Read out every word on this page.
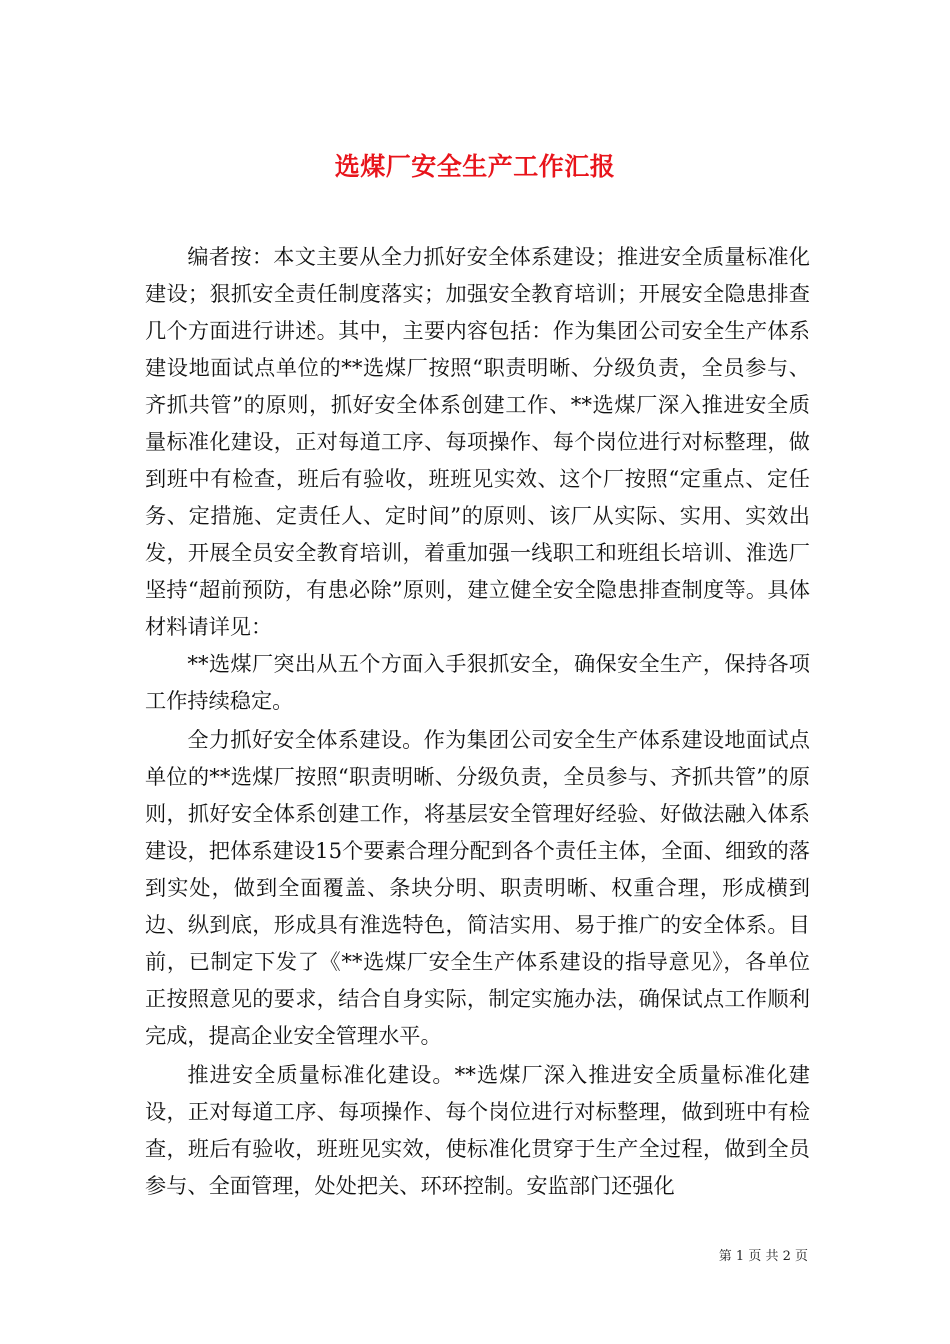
选煤厂安全生产工作汇报

编者按：本文主要从全力抓好安全体系建设；推进安全质量标准化建设；狠抓安全责任制度落实；加强安全教育培训；开展安全隐患排查几个方面进行讲述。其中，主要内容包括：作为集团公司安全生产体系建设地面试点单位的**选煤厂按照“职责明晰、分级负责，全员参与、齐抓共管”的原则，抓好安全体系创建工作、**选煤厂深入推进安全质量标准化建设，正对每道工序、每项操作、每个岗位进行对标整理，做到班中有检查，班后有验收，班班见实效、这个厂按照“定重点、定任务、定措施、定责任人、定时间”的原则、该厂从实际、实用、实效出发，开展全员安全教育培训，着重加强一线职工和班组长培训、淮选厂坚持“超前预防，有患必除”原则，建立健全安全隐患排查制度等。具体材料请详见：

**选煤厂突出从五个方面入手狠抓安全，确保安全生产，保持各项工作持续稳定。

全力抓好安全体系建设。作为集团公司安全生产体系建设地面试点单位的**选煤厂按照“职责明晰、分级负责，全员参与、齐抓共管”的原则，抓好安全体系创建工作，将基层安全管理好经验、好做法融入体系建设，把体系建设15个要素合理分配到各个责任主体，全面、细致的落到实处，做到全面覆盖、条块分明、职责明晰、权重合理，形成横到边、纵到底，形成具有淮选特色，简洁实用、易于推广的安全体系。目前，已制定下发了《**选煤厂安全生产体系建设的指导意见》，各单位正按照意见的要求，结合自身实际，制定实施办法，确保试点工作顺利完成，提高企业安全管理水平。

推进安全质量标准化建设。**选煤厂深入推进安全质量标准化建设，正对每道工序、每项操作、每个岗位进行对标整理，做到班中有检查，班后有验收，班班见实效，使标准化贯穿于生产全过程，做到全员参与、全面管理，处处把关、环环控制。安监部门还强化

第 1 页 共 2 页
